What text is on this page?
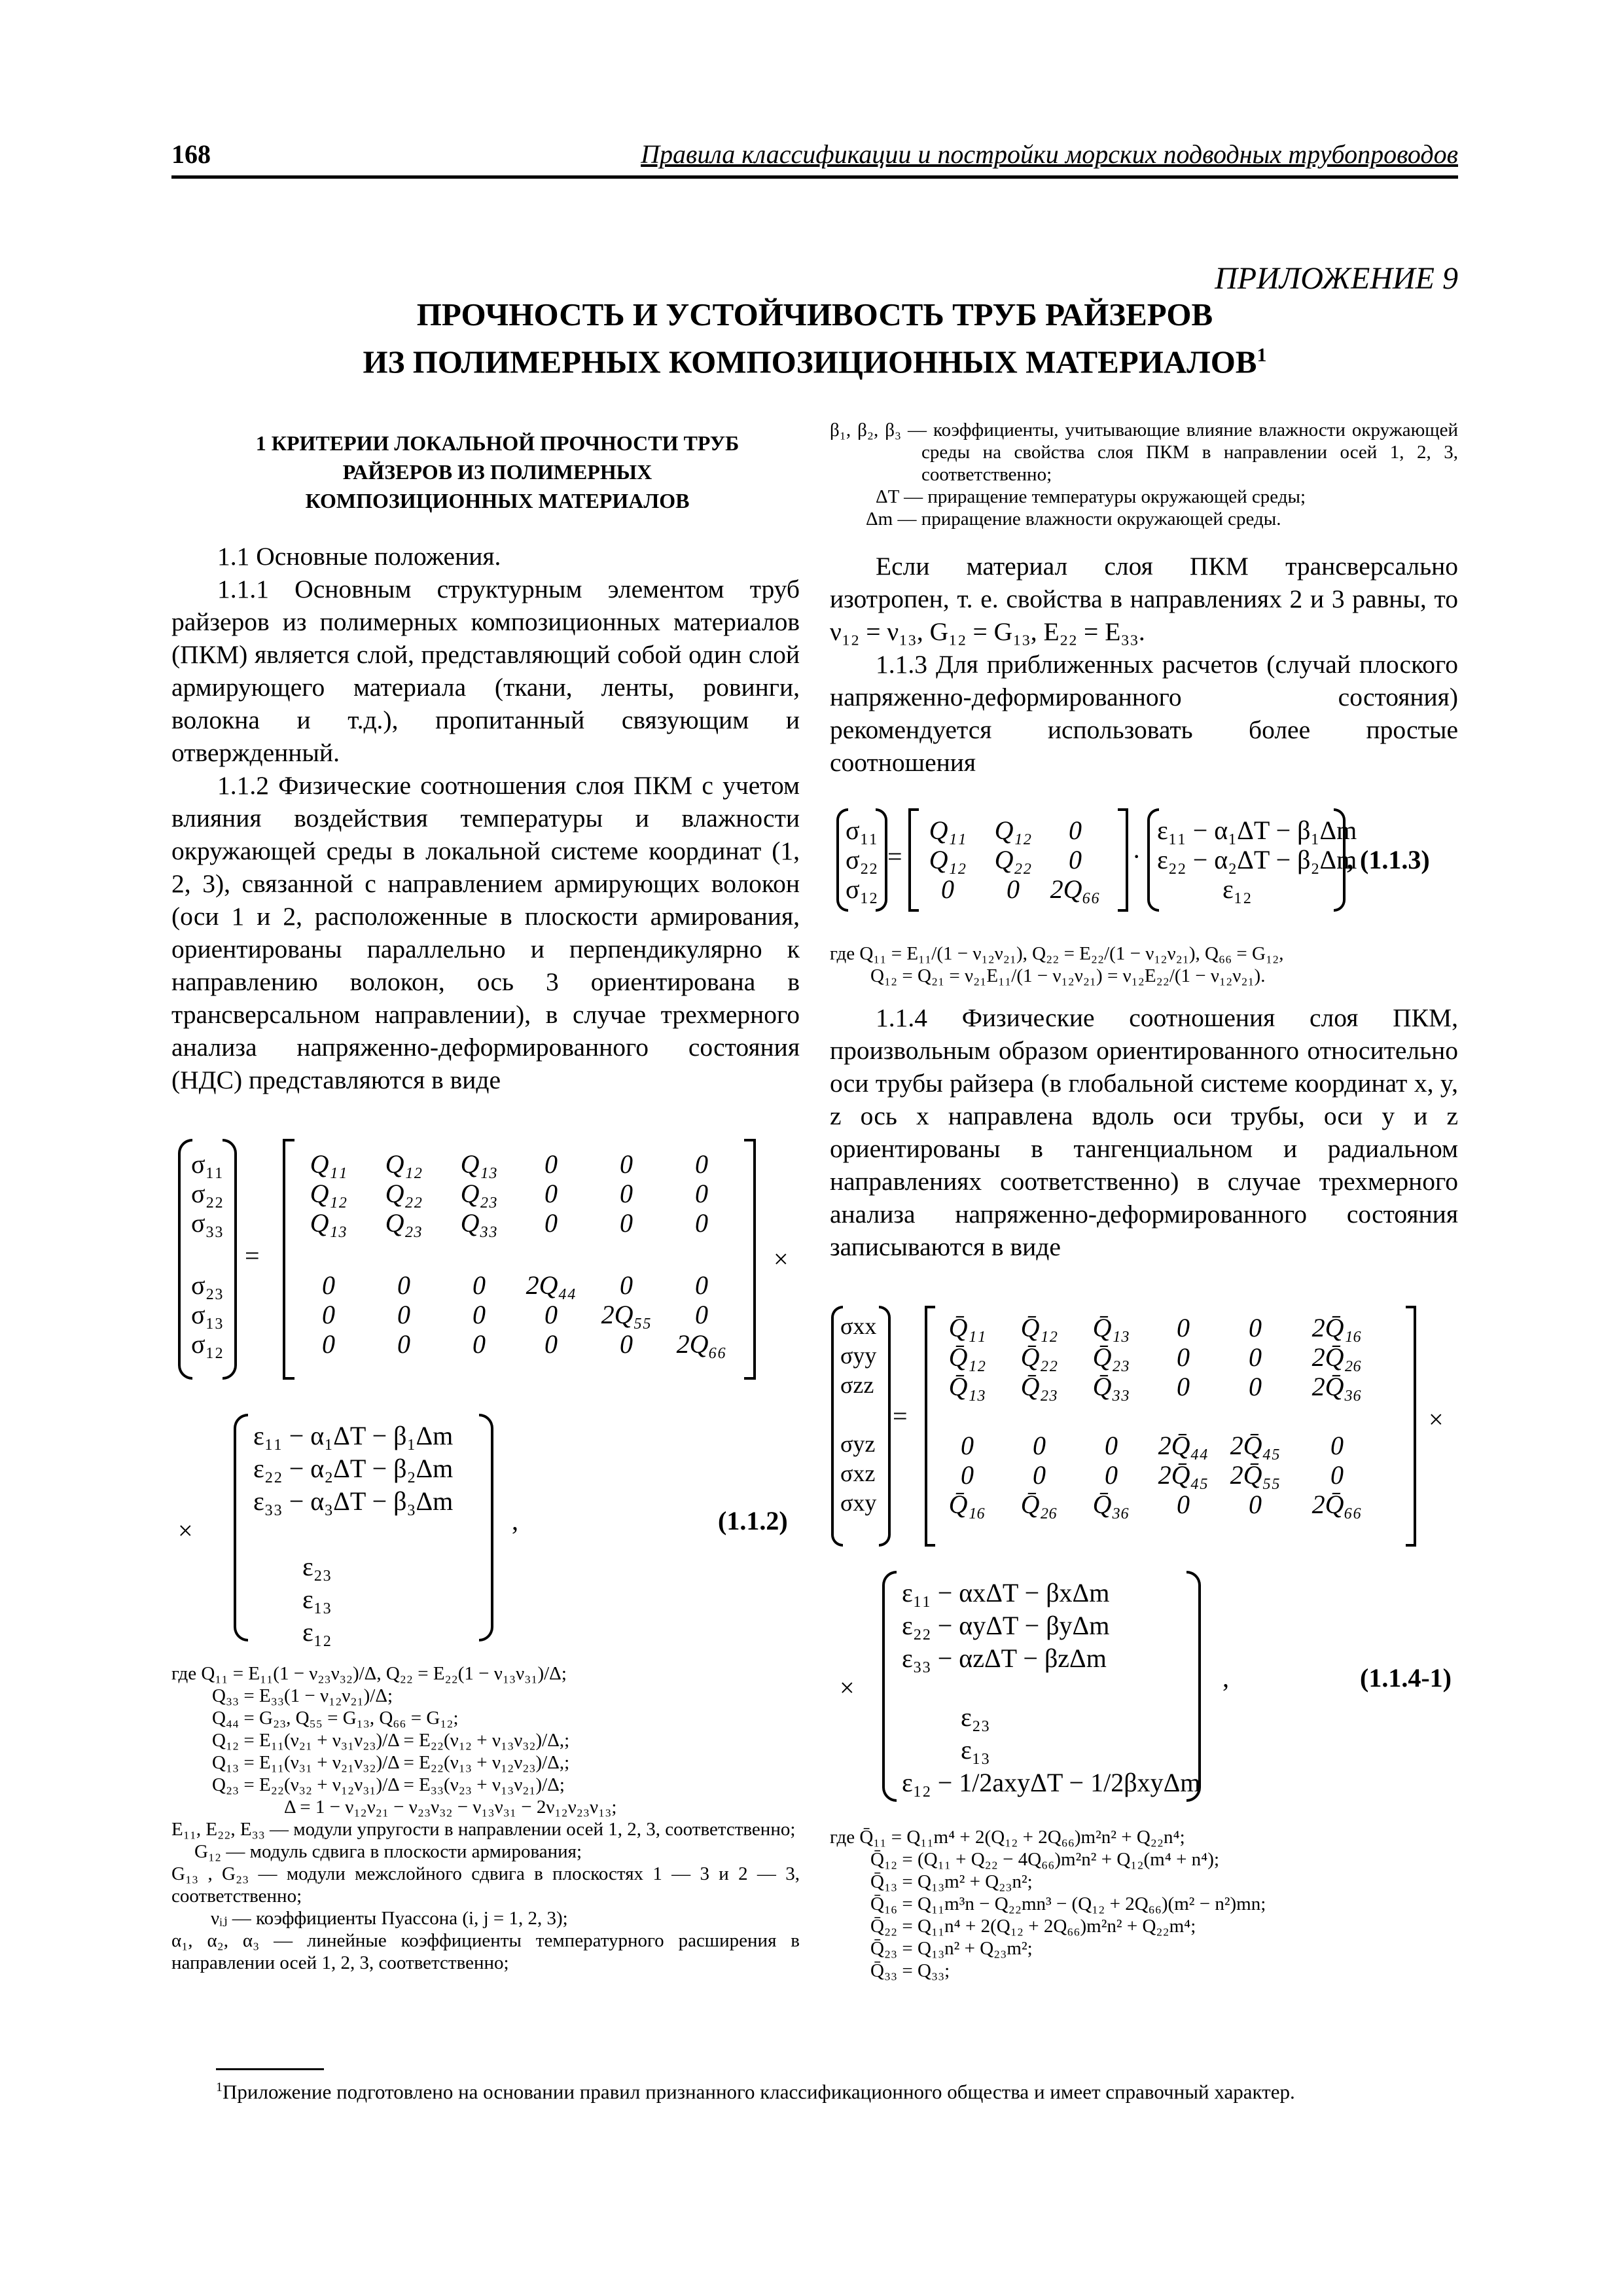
168	Правила классификации и постройки морских подводных трубопроводов
ПРИЛОЖЕНИЕ 9
ПРОЧНОСТЬ И УСТОЙЧИВОСТЬ ТРУБ РАЙЗЕРОВ
ИЗ ПОЛИМЕРНЫХ КОМПОЗИЦИОННЫХ МАТЕРИАЛОВ$^1$
1 КРИТЕРИИ ЛОКАЛЬНОЙ ПРОЧНОСТИ ТРУБ РАЙЗЕРОВ ИЗ ПОЛИМЕРНЫХ КОМПОЗИЦИОННЫХ МАТЕРИАЛОВ

1.1 Основные положения.

1.1.1 Основным структурным элементом труб райзеров из полимерных композиционных материалов (ПКМ) является слой, представляющий собой один слой армирующего материала (ткани, ленты, ровинги, волокна и т.д.), пропитанный связующим и отвержденный.

1.1.2 Физические соотношения слоя ПКМ с учетом влияния воздействия температуры и влажности окружающей среды в локальной системе координат (1, 2, 3), связанной с направлением армирующих волокон (оси 1 и 2, расположенные в плоскости армирования, ориентированы параллельно и перпендикулярно к направлению волокон, ось 3 ориентирована в трансверсальном направлении), в случае трехмерного анализа напряженно-деформированного состояния (НДС) представляются в виде

σ₁₁
σ₂₂
σ₃₃
σ₂₃
σ₁₃
σ₁₂
=
Q₁₁	Q₁₂	Q₁₃	0	0	0
Q₁₂	Q₂₂	Q₂₃	0	0	0
Q₁₃	Q₂₃	Q₃₃	0	0	0
0	0	0	2Q₄₄	0	0
0	0	0	0	2Q₅₅	0
0	0	0	0	0	2Q₆₆
×
×
ε₁₁ − α₁ΔT − β₁Δm
ε₂₂ − α₂ΔT − β₂Δm
ε₃₃ − α₃ΔT − β₃Δm
ε₂₃
ε₁₃
ε₁₂
,	(1.1.2)

где Q₁₁ = E₁₁(1 − ν₂₃ν₃₂)/Δ, Q₂₂ = E₂₂(1 − ν₁₃ν₃₁)/Δ;

Q₃₃ = E₃₃(1 − ν₁₂ν₂₁)/Δ;

Q₄₄ = G₂₃, Q₅₅ = G₁₃, Q₆₆ = G₁₂;

Q₁₂ = E₁₁(ν₂₁ + ν₃₁ν₂₃)/Δ = E₂₂(ν₁₂ + ν₁₃ν₃₂)/Δ,;

Q₁₃ = E₁₁(ν₃₁ + ν₂₁ν₃₂)/Δ = E₂₂(ν₁₃ + ν₁₂ν₂₃)/Δ,;

Q₂₃ = E₂₂(ν₃₂ + ν₁₂ν₃₁)/Δ = E₃₃(ν₂₃ + ν₁₃ν₂₁)/Δ;

Δ = 1 − ν₁₂ν₂₁ − ν₂₃ν₃₂ − ν₁₃ν₃₁ − 2ν₁₂ν₂₃ν₁₃;

E₁₁, E₂₂, E₃₃ — модули упругости в направлении осей 1, 2, 3, соответственно;

G₁₂ — модуль сдвига в плоскости армирования;

G₁₃ , G₂₃ — модули межслойного сдвига в плоскостях 1 — 3 и 2 — 3, соответственно;

νᵢⱼ — коэффициенты Пуассона (i, j = 1, 2, 3);

α₁, α₂, α₃ — линейные коэффициенты температурного расширения в направлении осей 1, 2, 3, соответственно;

β₁, β₂, β₃ — коэффициенты, учитывающие влияние влажности окружающей среды на свойства слоя ПКМ в направлении осей 1, 2, 3, соответственно;

ΔT — приращение температуры окружающей среды;

Δm — приращение влажности окружающей среды.

Если материал слоя ПКМ трансверсально изотропен, т. е. свойства в направлениях 2 и 3 равны, то ν₁₂ = ν₁₃, G₁₂ = G₁₃, E₂₂ = E₃₃.

1.1.3 Для приближенных расчетов (случай плоского напряженно-деформированного состояния) рекомендуется использовать более простые соотношения

σ₁₁
σ₂₂
σ₁₂
=
Q₁₁	Q₁₂	0
Q₁₂	Q₂₂	0
0	0	2Q₆₆
·
ε₁₁ − α₁ΔT − β₁Δm
ε₂₂ − α₂ΔT − β₂Δm
ε₁₂
, (1.1.3)

где Q₁₁ = E₁₁/(1 − ν₁₂ν₂₁), Q₂₂ = E₂₂/(1 − ν₁₂ν₂₁), Q₆₆ = G₁₂,

Q₁₂ = Q₂₁ = ν₂₁E₁₁/(1 − ν₁₂ν₂₁) = ν₁₂E₂₂/(1 − ν₁₂ν₂₁).

1.1.4 Физические соотношения слоя ПКМ, произвольным образом ориентированного относительно оси трубы райзера (в глобальной системе координат x, y, z ось x направлена вдоль оси трубы, оси y и z ориентированы в тангенциальном и радиальном направлениях соответственно) в случае трехмерного анализа напряженно-деформированного состояния записываются в виде

σxx
σyy
σzz
σyz
σxz
σxy
=
Q̄₁₁	Q̄₁₂	Q̄₁₃	0	0	2Q̄₁₆
Q̄₁₂	Q̄₂₂	Q̄₂₃	0	0	2Q̄₂₆
Q̄₁₃	Q̄₂₃	Q̄₃₃	0	0	2Q̄₃₆
0	0	0	2Q̄₄₄ 2Q̄₄₅	0
0	0	0	2Q̄₄₅ 2Q̄₅₅	0
Q̄₁₆	Q̄₂₆	Q̄₃₆	0	0	2Q̄₆₆
×
×
ε₁₁ − αxΔT − βxΔm
ε₂₂ − αyΔT − βyΔm
ε₃₃ − αzΔT − βzΔm
ε₂₃
ε₁₃
ε₁₂ − 1/2axyΔT − 1/2βxyΔm
,	(1.1.4-1)

где Q̄₁₁ = Q₁₁m⁴ + 2(Q₁₂ + 2Q₆₆)m²n² + Q₂₂n⁴;

Q̄₁₂ = (Q₁₁ + Q₂₂ − 4Q₆₆)m²n² + Q₁₂(m⁴ + n⁴);

Q̄₁₃ = Q₁₃m² + Q₂₃n²;

Q̄₁₆ = Q₁₁m³n − Q₂₂mn³ − (Q₁₂ + 2Q₆₆)(m² − n²)mn;

Q̄₂₂ = Q₁₁n⁴ + 2(Q₁₂ + 2Q₆₆)m²n² + Q₂₂m⁴;

Q̄₂₃ = Q₁₃n² + Q₂₃m²;

Q̄₃₃ = Q₃₃;

$^1$Приложение подготовлено на основании правил признанного классификационного общества и имеет справочный характер.
